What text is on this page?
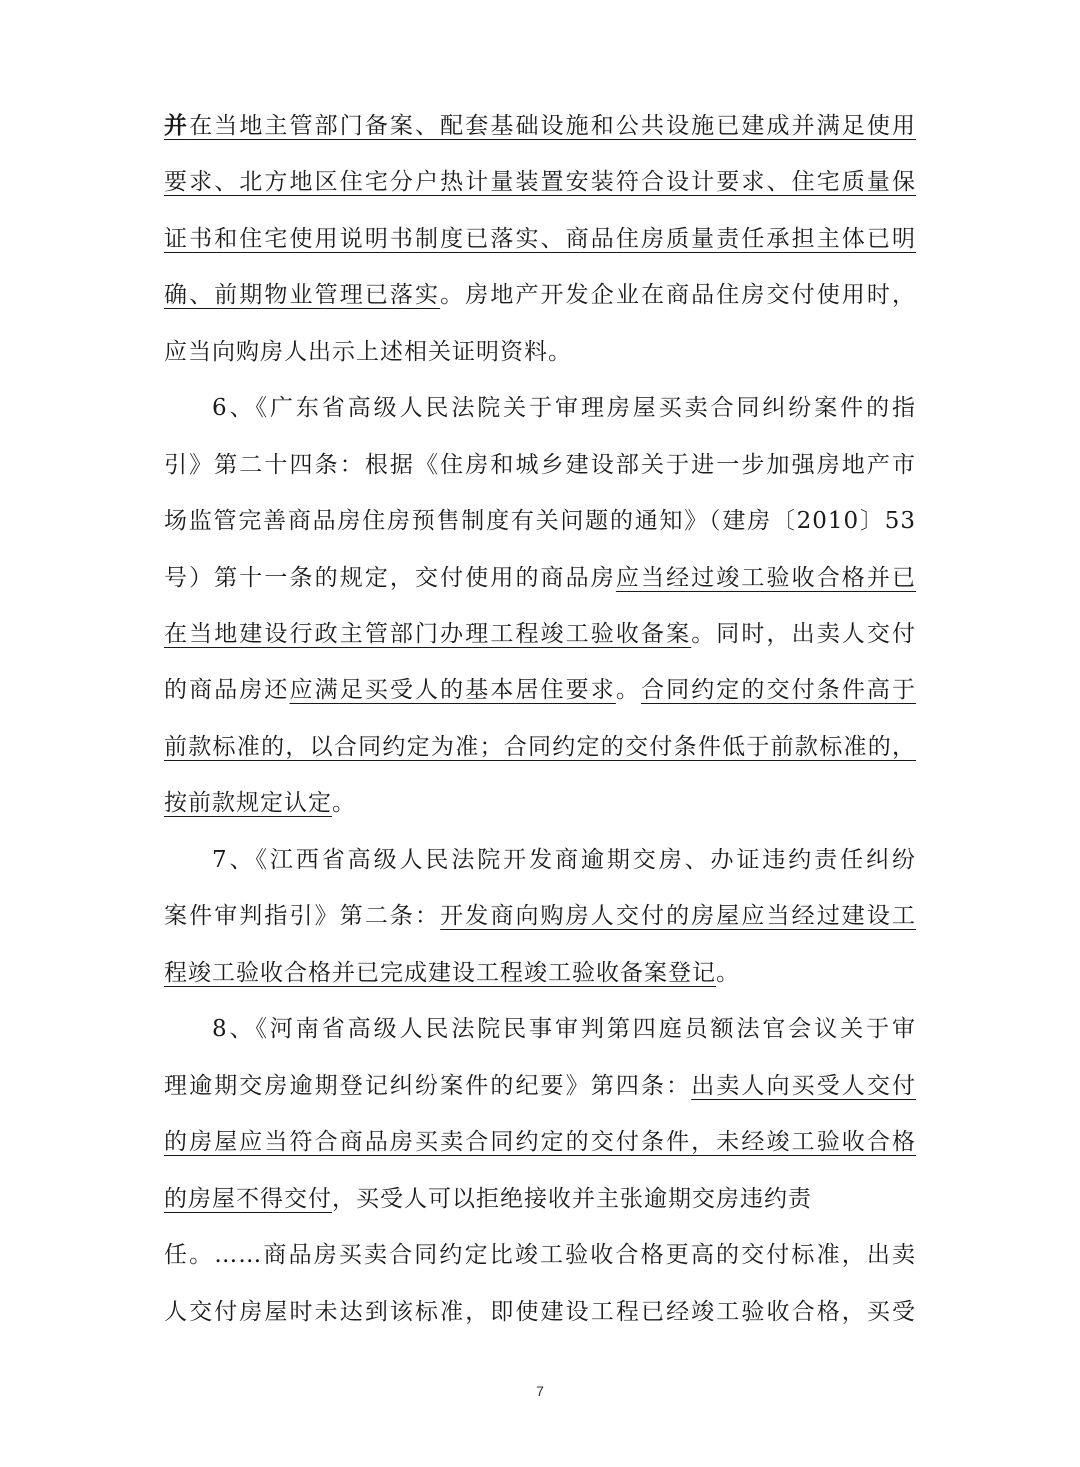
并在当地主管部门备案、配套基础设施和公共设施已建成并满足使用
要求、北方地区住宅分户热计量装置安装符合设计要求、住宅质量保
证书和住宅使用说明书制度已落实、商品住房质量责任承担主体已明
确、前期物业管理已落实。房地产开发企业在商品住房交付使用时，
应当向购房人出示上述相关证明资料。
6、《广东省高级人民法院关于审理房屋买卖合同纠纷案件的指
引》第二十四条：根据《住房和城乡建设部关于进一步加强房地产市
场监管完善商品房住房预售制度有关问题的通知》（建房〔2010〕53
号）第十一条的规定，交付使用的商品房应当经过竣工验收合格并已
在当地建设行政主管部门办理工程竣工验收备案。同时，出卖人交付
的商品房还应满足买受人的基本居住要求。合同约定的交付条件高于
前款标准的，以合同约定为准；合同约定的交付条件低于前款标准的，
按前款规定认定。
7、《江西省高级人民法院开发商逾期交房、办证违约责任纠纷
案件审判指引》第二条：开发商向购房人交付的房屋应当经过建设工
程竣工验收合格并已完成建设工程竣工验收备案登记。
8、《河南省高级人民法院民事审判第四庭员额法官会议关于审
理逾期交房逾期登记纠纷案件的纪要》第四条：出卖人向买受人交付
的房屋应当符合商品房买卖合同约定的交付条件，未经竣工验收合格
的房屋不得交付，买受人可以拒绝接收并主张逾期交房违约责
任。……商品房买卖合同约定比竣工验收合格更高的交付标准，出卖
人交付房屋时未达到该标准，即使建设工程已经竣工验收合格，买受
7
